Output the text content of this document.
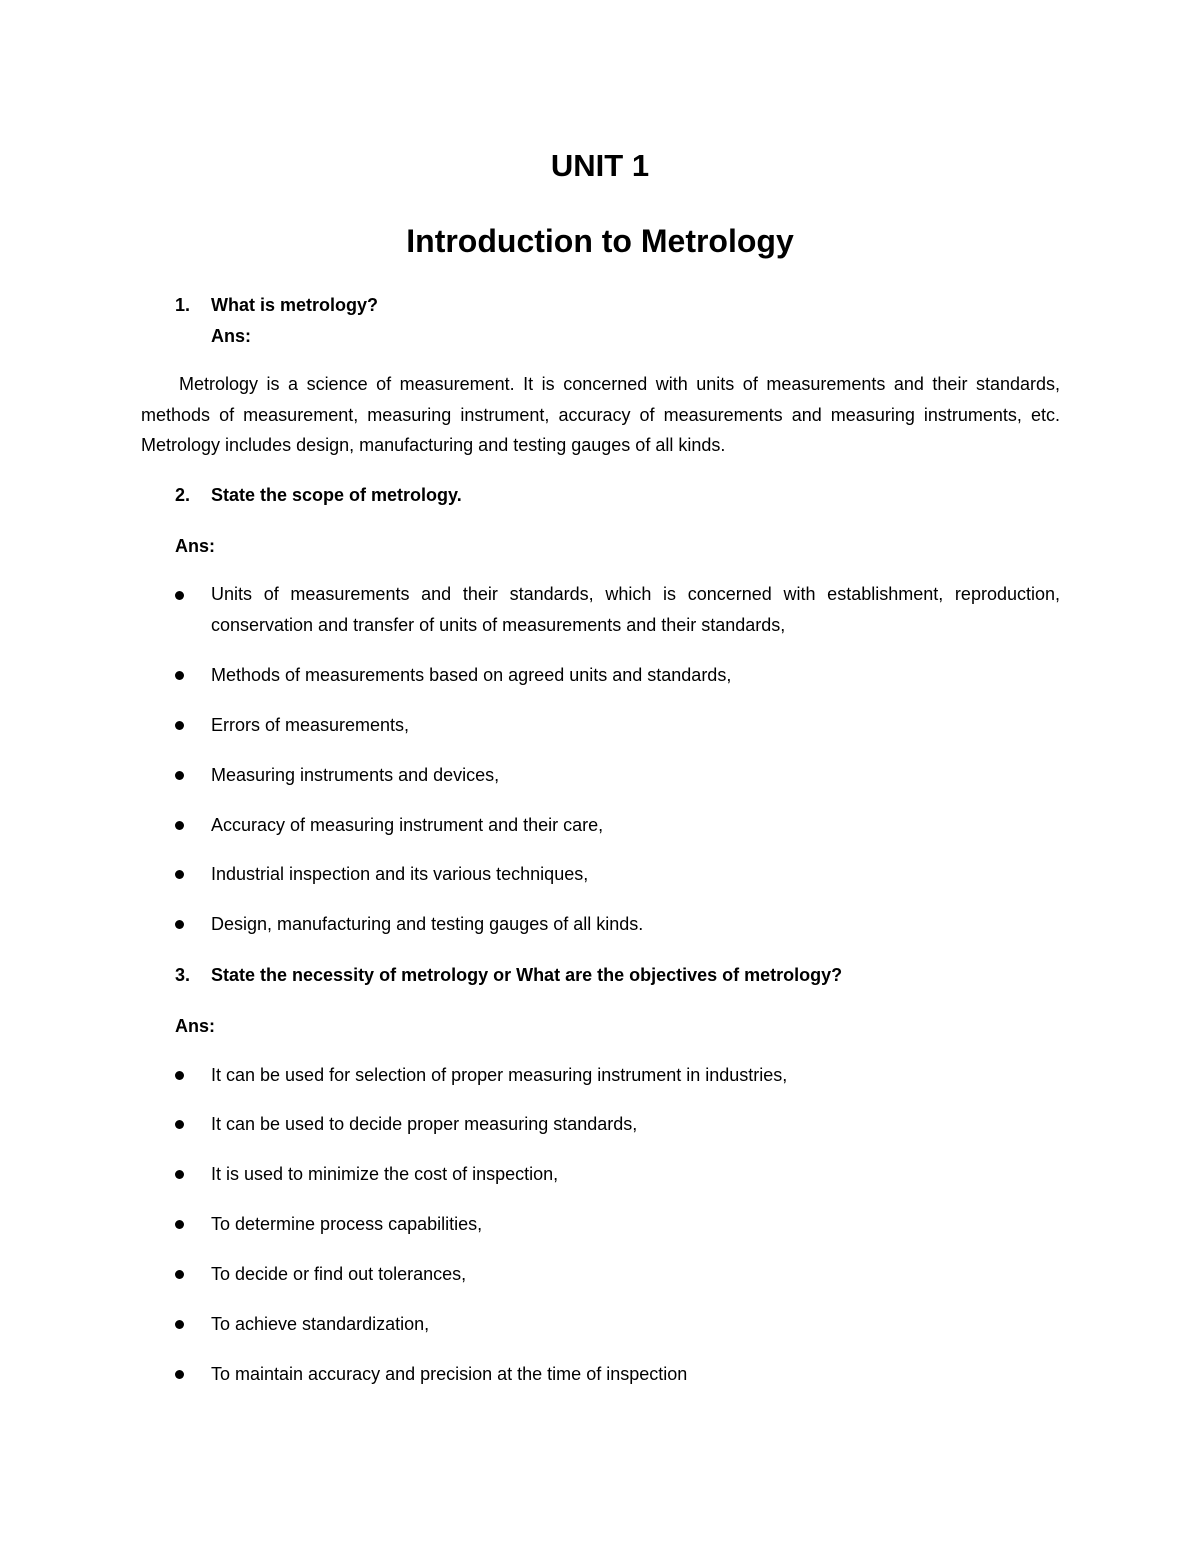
UNIT 1
Introduction to Metrology
1. What is metrology?
Ans:

Metrology is a science of measurement. It is concerned with units of measurements and their standards, methods of measurement, measuring instrument, accuracy of measurements and measuring instruments, etc. Metrology includes design, manufacturing and testing gauges of all kinds.

2. State the scope of metrology.
Ans:

Units of measurements and their standards, which is concerned with establishment, reproduction, conservation and transfer of units of measurements and their standards,

Methods of measurements based on agreed units and standards,
Errors of measurements,
Measuring instruments and devices,
Accuracy of measuring instrument and their care,
Industrial inspection and its various techniques,
Design, manufacturing and testing gauges of all kinds.
3. State the necessity of metrology or What are the objectives of metrology?
Ans:
It can be used for selection of proper measuring instrument in industries,
It can be used to decide proper measuring standards,
It is used to minimize the cost of inspection,
To determine process capabilities,
To decide or find out tolerances,
To achieve standardization,
To maintain accuracy and precision at the time of inspection
